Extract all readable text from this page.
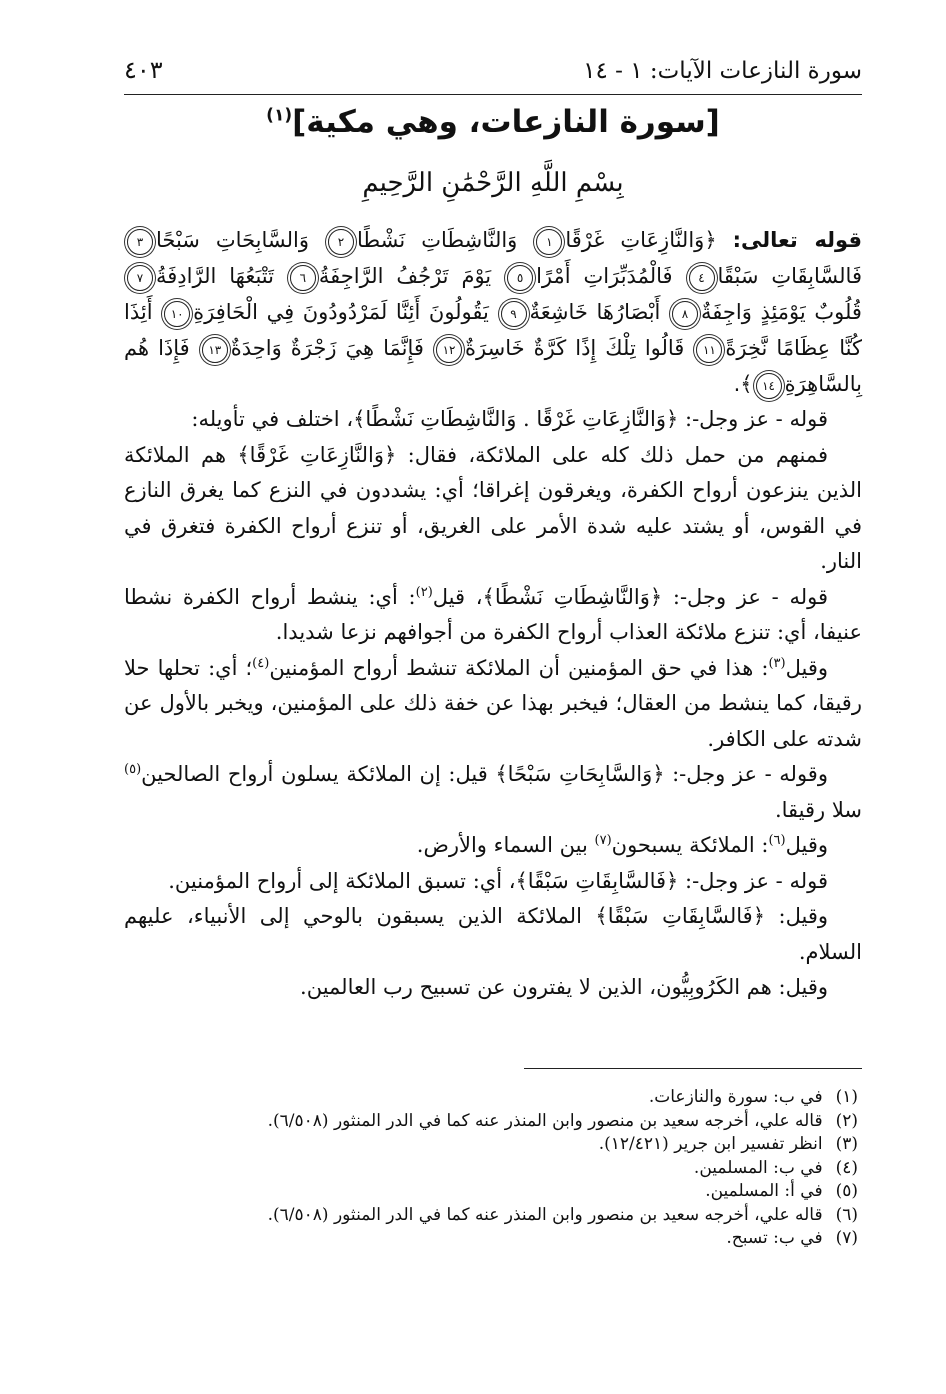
سورة النازعات الآيات: ١ - ١٤
٤٠٣
[سورة النازعات، وهي مكية]$^{(١)}$
بِسْمِ اللَّهِ الرَّحْمَٰنِ الرَّحِيمِ

قوله تعالى: ﴿وَالنَّازِعَاتِ غَرْقًا١ وَالنَّاشِطَاتِ نَشْطًا٢ وَالسَّابِحَاتِ سَبْحًا٣ فَالسَّابِقَاتِ سَبْقًا٤ فَالْمُدَبِّرَاتِ أَمْرًا٥ يَوْمَ تَرْجُفُ الرَّاجِفَةُ٦ تَتْبَعُهَا الرَّادِفَةُ٧ قُلُوبٌ يَوْمَئِذٍ وَاجِفَةٌ٨ أَبْصَارُهَا خَاشِعَةٌ٩ يَقُولُونَ أَئِنَّا لَمَرْدُودُونَ فِي الْحَافِرَةِ١٠ أَئِذَا كُنَّا عِظَامًا نَّخِرَةً١١ قَالُوا تِلْكَ إِذًا كَرَّةٌ خَاسِرَةٌ١٢ فَإِنَّمَا هِيَ زَجْرَةٌ وَاحِدَةٌ١٣ فَإِذَا هُم بِالسَّاهِرَةِ١٤﴾.

قوله - عز وجل-: ﴿وَالنَّازِعَاتِ غَرْقًا . وَالنَّاشِطَاتِ نَشْطًا﴾، اختلف في تأويله:

فمنهم من حمل ذلك كله على الملائكة، فقال: ﴿وَالنَّازِعَاتِ غَرْقًا﴾ هم الملائكة الذين ينزعون أرواح الكفرة، ويغرقون إغراقا؛ أي: يشددون في النزع كما يغرق النازع في القوس، أو يشتد عليه شدة الأمر على الغريق، أو تنزع أرواح الكفرة فتغرق في النار.

قوله - عز وجل-: ﴿وَالنَّاشِطَاتِ نَشْطًا﴾، قيل$^{(٢)}$: أي: ينشط أرواح الكفرة نشطا عنيفا، أي: تنزع ملائكة العذاب أرواح الكفرة من أجوافهم نزعا شديدا.

وقيل$^{(٣)}$: هذا في حق المؤمنين أن الملائكة تنشط أرواح المؤمنين$^{(٤)}$؛ أي: تحلها حلا رقيقا، كما ينشط من العقال؛ فيخبر بهذا عن خفة ذلك على المؤمنين، ويخبر بالأول عن شدته على الكافر.

وقوله - عز وجل-: ﴿وَالسَّابِحَاتِ سَبْحًا﴾ قيل: إن الملائكة يسلون أرواح الصالحين$^{(٥)}$ سلا رقيقا.

وقيل$^{(٦)}$: الملائكة يسبحون$^{(٧)}$ بين السماء والأرض.

قوله - عز وجل-: ﴿فَالسَّابِقَاتِ سَبْقًا﴾، أي: تسبق الملائكة إلى أرواح المؤمنين.

وقيل: ﴿فَالسَّابِقَاتِ سَبْقًا﴾ الملائكة الذين يسبقون بالوحي إلى الأنبياء، عليهم السلام.

وقيل: هم الكَرُوبِيُّون، الذين لا يفترون عن تسبيح رب العالمين.

(١) في ب: سورة والنازعات.

(٢) قاله علي، أخرجه سعيد بن منصور وابن المنذر عنه كما في الدر المنثور (٦/٥٠٨).

(٣) انظر تفسير ابن جرير (١٢/٤٢١).

(٤) في ب: المسلمين.

(٥) في أ: المسلمين.

(٦) قاله علي، أخرجه سعيد بن منصور وابن المنذر عنه كما في الدر المنثور (٦/٥٠٨).

(٧) في ب: تسبح.
